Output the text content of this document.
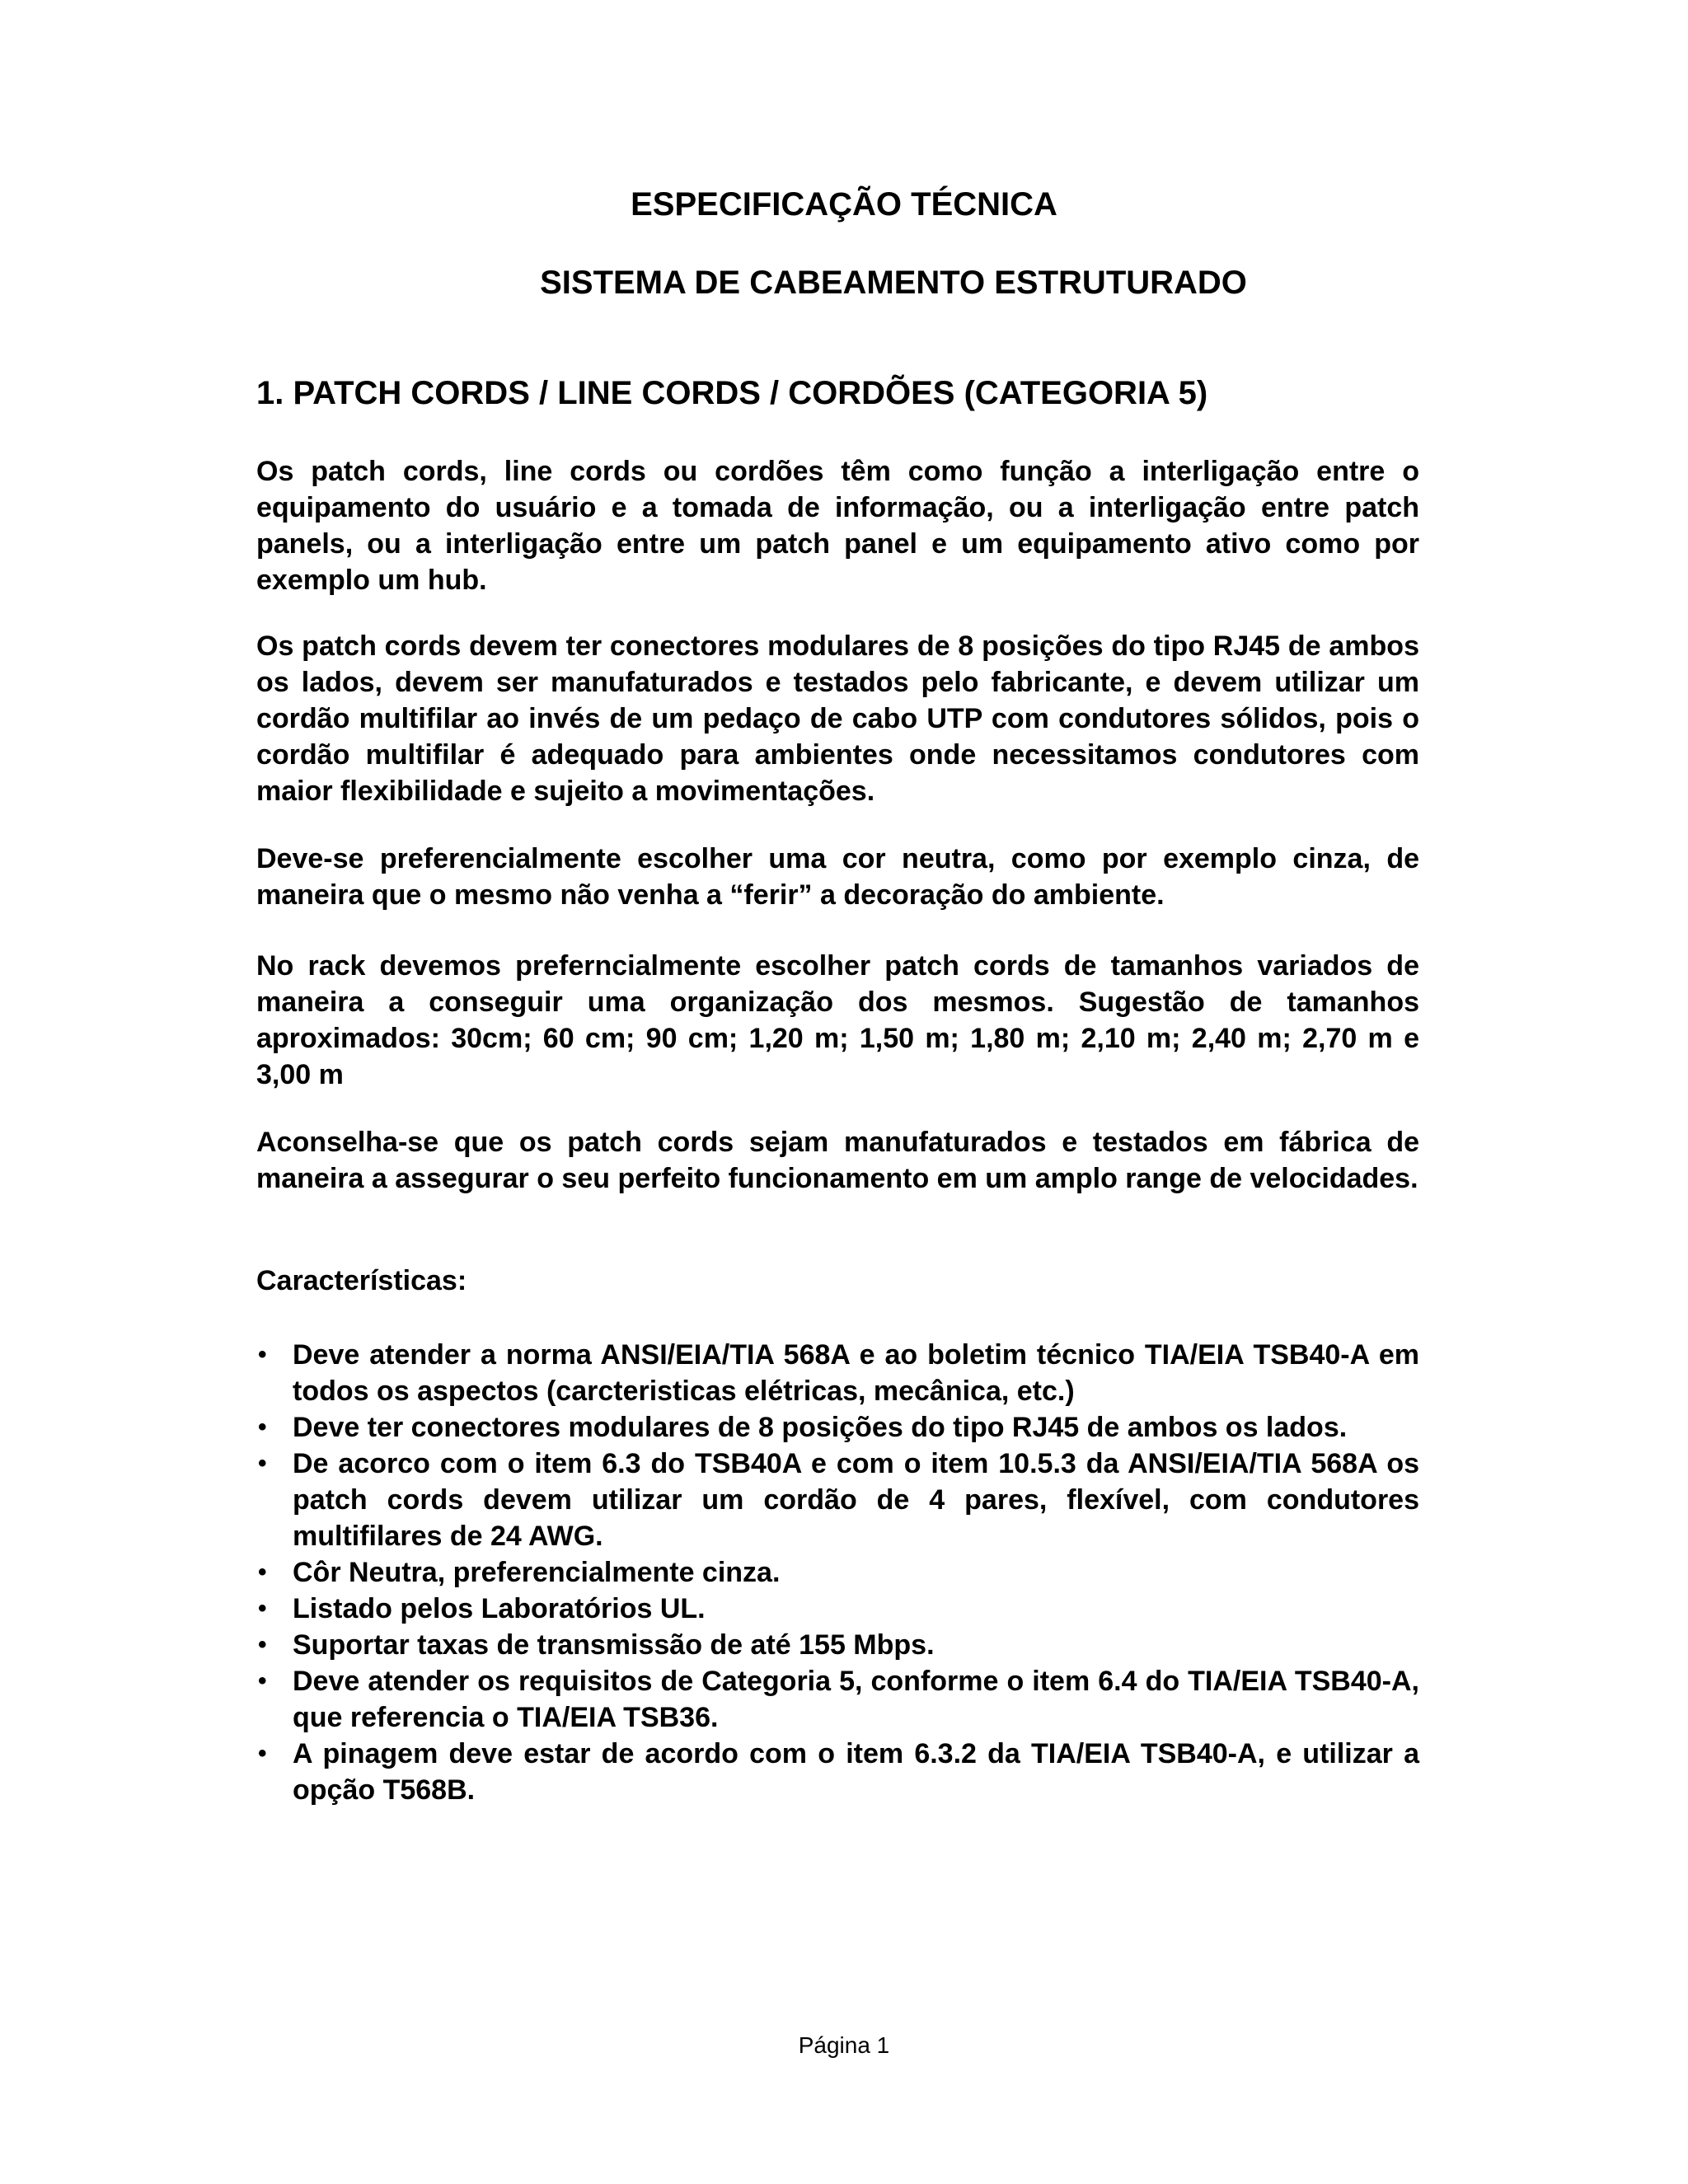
ESPECIFICAÇÃO TÉCNICA
SISTEMA DE CABEAMENTO ESTRUTURADO
1. PATCH CORDS / LINE CORDS / CORDÕES (CATEGORIA 5)

Os patch cords, line cords ou cordões têm como função a interligação entre o equipamento do usuário e a tomada de informação, ou a interligação entre patch panels, ou a interligação entre um patch panel e um equipamento ativo como por exemplo um hub.

Os patch cords devem ter conectores modulares de 8 posições do tipo RJ45 de ambos os lados, devem ser manufaturados e testados pelo fabricante, e devem utilizar um cordão multifilar ao invés de um pedaço de cabo UTP com condutores sólidos, pois o cordão multifilar é adequado para ambientes onde necessitamos condutores com maior flexibilidade e sujeito a movimentações.

Deve-se preferencialmente escolher uma cor neutra, como por exemplo cinza, de maneira que o mesmo não venha a “ferir” a decoração do ambiente.

No rack devemos preferncialmente escolher patch cords de tamanhos variados de maneira a conseguir uma organização dos mesmos. Sugestão de tamanhos aproximados: 30cm; 60 cm; 90 cm; 1,20 m; 1,50 m; 1,80 m; 2,10 m; 2,40 m; 2,70 m e 3,00 m

Aconselha-se que os patch cords sejam manufaturados e testados em fábrica de maneira a assegurar o seu perfeito funcionamento em um amplo range de velocidades.

Características:

• Deve atender a norma ANSI/EIA/TIA 568A e ao boletim técnico TIA/EIA TSB40-A em todos os aspectos (carcteristicas elétricas, mecânica, etc.)
• Deve ter conectores modulares de 8 posições do tipo RJ45 de ambos os lados.
• De acorco com o item 6.3 do TSB40A e com o item 10.5.3 da ANSI/EIA/TIA 568A os patch cords devem utilizar um cordão de 4 pares, flexível, com condutores multifilares de 24 AWG.
• Côr Neutra, preferencialmente cinza.
• Listado pelos Laboratórios UL.
• Suportar taxas de transmissão de até 155 Mbps.
• Deve atender os requisitos de Categoria 5, conforme o item 6.4 do TIA/EIA TSB40-A, que referencia o TIA/EIA TSB36.
• A pinagem deve estar de acordo com o item 6.3.2 da TIA/EIA TSB40-A, e utilizar a opção T568B.

Página 1
